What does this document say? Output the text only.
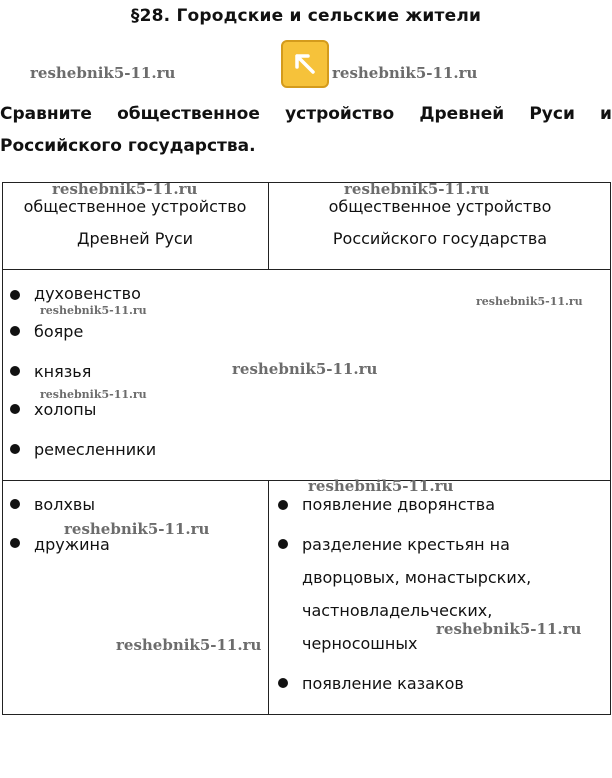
§28. Городские и сельские жители
reshebnik5-11.ru	reshebnik5-11.ru
Сравните общественное устройство Древней Руси и
Российского государства.
общественное устройство
Древней Руси
общественное устройство
Российского государства
духовенство
бояре
князья
холопы
ремесленники
волхвы
дружина
появление дворянства
разделение крестьян на
дворцовых, монастырских,
частновладельческих,
черносошных
появление казаков
reshebnik5-11.ru	reshebnik5-11.ru
reshebnik5-11.ru
reshebnik5-11.ru
reshebnik5-11.ru
reshebnik5-11.ru
reshebnik5-11.ru
reshebnik5-11.ru
reshebnik5-11.ru
reshebnik5-11.ru
